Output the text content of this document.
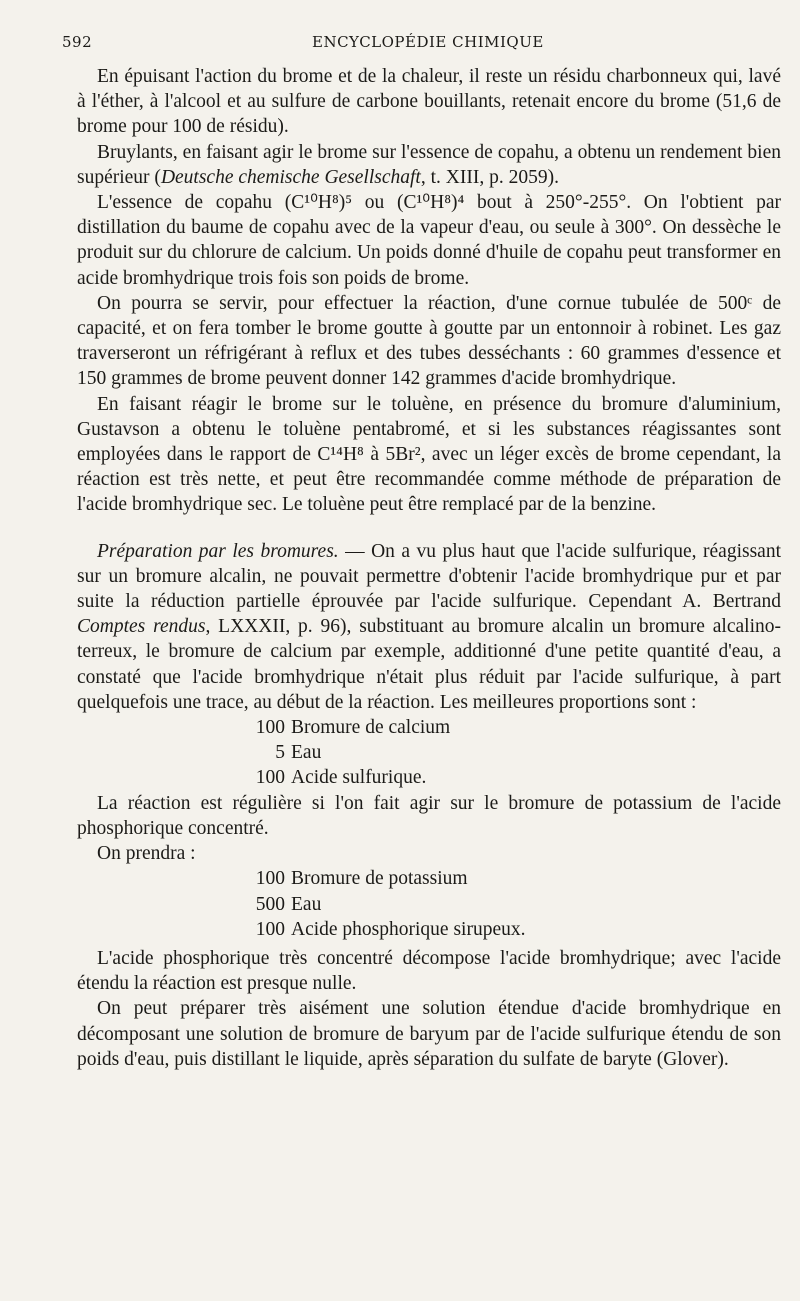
592	ENCYCLOPÉDIE CHIMIQUE

En épuisant l'action du brome et de la chaleur, il reste un résidu charbonneux qui, lavé à l'éther, à l'alcool et au sulfure de carbone bouillants, retenait encore du brome (51,6 de brome pour 100 de résidu).

Bruylants, en faisant agir le brome sur l'essence de copahu, a obtenu un rendement bien supérieur (Deutsche chemische Gesellschaft, t. XIII, p. 2059).

L'essence de copahu (C¹⁰H⁸)⁵ ou (C¹⁰H⁸)⁴ bout à 250°-255°. On l'obtient par distillation du baume de copahu avec de la vapeur d'eau, ou seule à 300°. On dessèche le produit sur du chlorure de calcium. Un poids donné d'huile de copahu peut transformer en acide bromhydrique trois fois son poids de brome.

On pourra se servir, pour effectuer la réaction, d'une cornue tubulée de 500ᶜ de capacité, et on fera tomber le brome goutte à goutte par un entonnoir à robinet. Les gaz traverseront un réfrigérant à reflux et des tubes desséchants : 60 grammes d'essence et 150 grammes de brome peuvent donner 142 grammes d'acide bromhydrique.

En faisant réagir le brome sur le toluène, en présence du bromure d'aluminium, Gustavson a obtenu le toluène pentabromé, et si les substances réagissantes sont employées dans le rapport de C¹⁴H⁸ à 5Br², avec un léger excès de brome cependant, la réaction est très nette, et peut être recommandée comme méthode de préparation de l'acide bromhydrique sec. Le toluène peut être remplacé par de la benzine.

Préparation par les bromures. — On a vu plus haut que l'acide sulfurique, réagissant sur un bromure alcalin, ne pouvait permettre d'obtenir l'acide bromhydrique pur et par suite la réduction partielle éprouvée par l'acide sulfurique. Cependant A. Bertrand Comptes rendus, LXXXII, p. 96), substituant au bromure alcalin un bromure alcalino-terreux, le bromure de calcium par exemple, additionné d'une petite quantité d'eau, a constaté que l'acide bromhydrique n'était plus réduit par l'acide sulfurique, à part quelquefois une trace, au début de la réaction. Les meilleures proportions sont :

100 Bromure de calcium
5 Eau
100 Acide sulfurique.

La réaction est régulière si l'on fait agir sur le bromure de potassium de l'acide phosphorique concentré.

On prendra :

100 Bromure de potassium
500 Eau
100 Acide phosphorique sirupeux.

L'acide phosphorique très concentré décompose l'acide bromhydrique; avec l'acide étendu la réaction est presque nulle.

On peut préparer très aisément une solution étendue d'acide bromhydrique en décomposant une solution de bromure de baryum par de l'acide sulfurique étendu de son poids d'eau, puis distillant le liquide, après séparation du sulfate de baryte (Glover).
